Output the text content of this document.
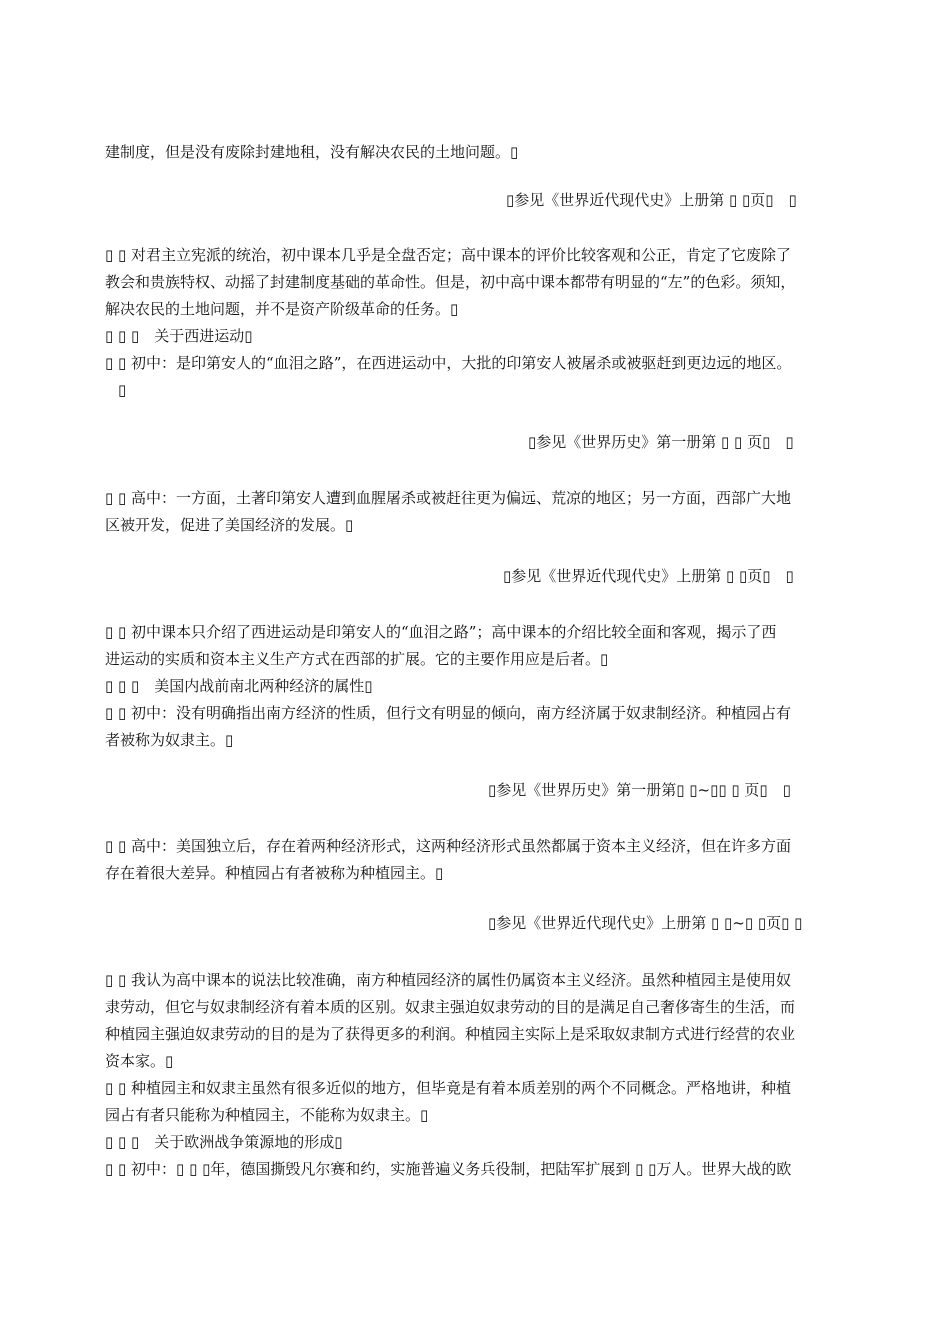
建制度，但是没有废除封建地租，没有解决农民的土地问题。▯
▯参见《世界近代现代史》上册第 ▯ ▯页▯　▯
▯ ▯ 对君主立宪派的统治，初中课本几乎是全盘否定；高中课本的评价比较客观和公正，肯定了它废除了
教会和贵族特权、动摇了封建制度基础的革命性。但是，初中高中课本都带有明显的“左”的色彩。须知，
解决农民的土地问题，并不是资产阶级革命的任务。▯
▯ ▯ ▯　关于西进运动▯
▯ ▯ 初中：是印第安人的“血泪之路”，在西进运动中，大批的印第安人被屠杀或被驱赶到更边远的地区。
▯
▯参见《世界历史》第一册第 ▯ ▯ 页▯　▯
▯ ▯ 高中：一方面，土著印第安人遭到血腥屠杀或被赶往更为偏远、荒凉的地区；另一方面，西部广大地
区被开发，促进了美国经济的发展。▯
▯参见《世界近代现代史》上册第 ▯ ▯页▯　▯
▯ ▯ 初中课本只介绍了西进运动是印第安人的“血泪之路”；高中课本的介绍比较全面和客观，揭示了西
进运动的实质和资本主义生产方式在西部的扩展。它的主要作用应是后者。▯
▯ ▯ ▯　美国内战前南北两种经济的属性▯
▯ ▯ 初中：没有明确指出南方经济的性质，但行文有明显的倾向，南方经济属于奴隶制经济。种植园占有
者被称为奴隶主。▯
▯参见《世界历史》第一册第▯ ▯~▯▯ ▯ 页▯　▯
▯ ▯ 高中：美国独立后，存在着两种经济形式，这两种经济形式虽然都属于资本主义经济，但在许多方面
存在着很大差异。种植园占有者被称为种植园主。▯
▯参见《世界近代现代史》上册第 ▯ ▯~▯ ▯页▯ ▯
▯ ▯ 我认为高中课本的说法比较准确，南方种植园经济的属性仍属资本主义经济。虽然种植园主是使用奴
隶劳动，但它与奴隶制经济有着本质的区别。奴隶主强迫奴隶劳动的目的是满足自己奢侈寄生的生活，而
种植园主强迫奴隶劳动的目的是为了获得更多的利润。种植园主实际上是采取奴隶制方式进行经营的农业
资本家。▯
▯ ▯ 种植园主和奴隶主虽然有很多近似的地方，但毕竟是有着本质差别的两个不同概念。严格地讲，种植
园占有者只能称为种植园主，不能称为奴隶主。▯
▯ ▯ ▯　关于欧洲战争策源地的形成▯
▯ ▯ 初中：▯ ▯ ▯年，德国撕毁凡尔赛和约，实施普遍义务兵役制，把陆军扩展到 ▯ ▯万人。世界大战的欧
